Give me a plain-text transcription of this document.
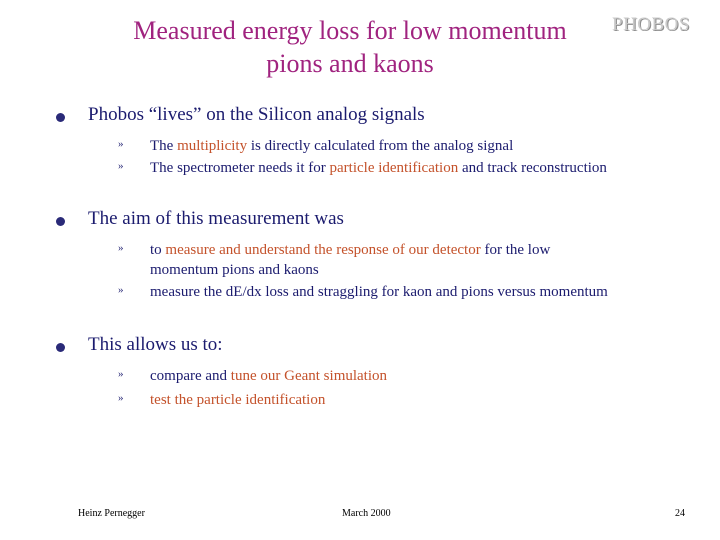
Measured energy loss for low momentum
pions and kaons
PHOBOS
Phobos “lives” on the Silicon analog signals
» The multiplicity is directly calculated from the analog signal
» The spectrometer needs it for particle identification and track reconstruction
The aim of this measurement was
» to measure and understand the response of our detector for the low momentum pions and kaons
» measure the dE/dx loss and straggling for kaon and pions versus momentum
This allows us to:
» compare and tune our Geant simulation
» test the particle identification
Heinz Pernegger	March 2000	24
